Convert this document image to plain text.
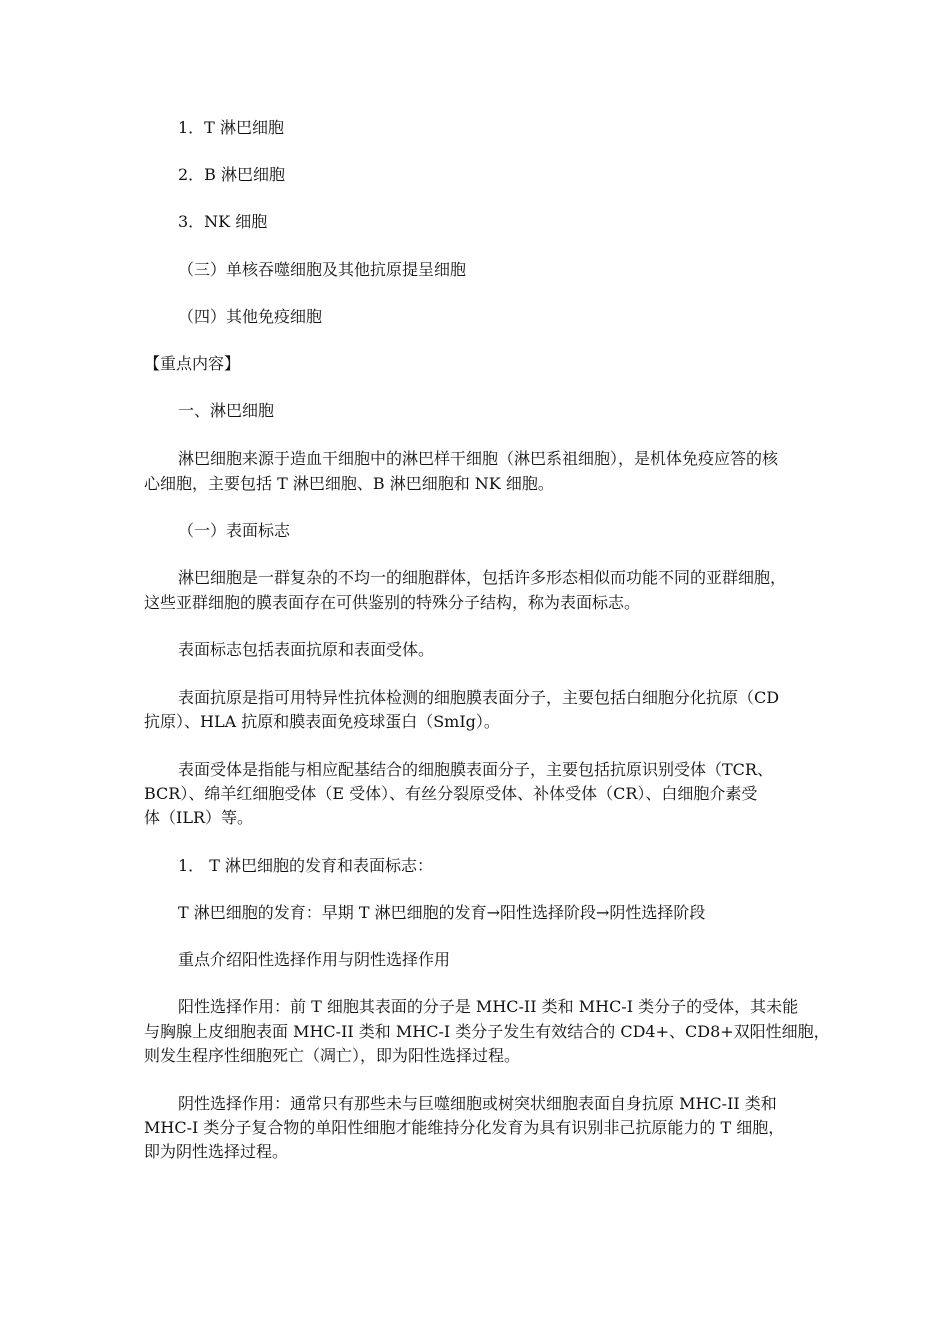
1．T 淋巴细胞
2．B 淋巴细胞
3．NK 细胞
（三）单核吞噬细胞及其他抗原提呈细胞
（四）其他免疫细胞
【重点内容】
一、淋巴细胞
淋巴细胞来源于造血干细胞中的淋巴样干细胞（淋巴系祖细胞），是机体免疫应答的核
心细胞，主要包括 T 淋巴细胞、B 淋巴细胞和 NK 细胞。
（一）表面标志
淋巴细胞是一群复杂的不均一的细胞群体，包括许多形态相似而功能不同的亚群细胞，
这些亚群细胞的膜表面存在可供鉴别的特殊分子结构，称为表面标志。
表面标志包括表面抗原和表面受体。
表面抗原是指可用特异性抗体检测的细胞膜表面分子，主要包括白细胞分化抗原（CD
抗原）、HLA 抗原和膜表面免疫球蛋白（SmIg）。
表面受体是指能与相应配基结合的细胞膜表面分子，主要包括抗原识别受体（TCR、
BCR）、绵羊红细胞受体（E 受体）、有丝分裂原受体、补体受体（CR）、白细胞介素受
体（ILR）等。
1． T 淋巴细胞的发育和表面标志：
T 淋巴细胞的发育：早期 T 淋巴细胞的发育→阳性选择阶段→阴性选择阶段
重点介绍阳性选择作用与阴性选择作用
阳性选择作用：前 T 细胞其表面的分子是 MHC-II 类和 MHC-I 类分子的受体，其未能
与胸腺上皮细胞表面 MHC-II 类和 MHC-I 类分子发生有效结合的 CD4+、CD8+双阳性细胞，
则发生程序性细胞死亡（凋亡），即为阳性选择过程。
阴性选择作用：通常只有那些未与巨噬细胞或树突状细胞表面自身抗原 MHC-II 类和
MHC-I 类分子复合物的单阳性细胞才能维持分化发育为具有识别非己抗原能力的 T 细胞，
即为阴性选择过程。
